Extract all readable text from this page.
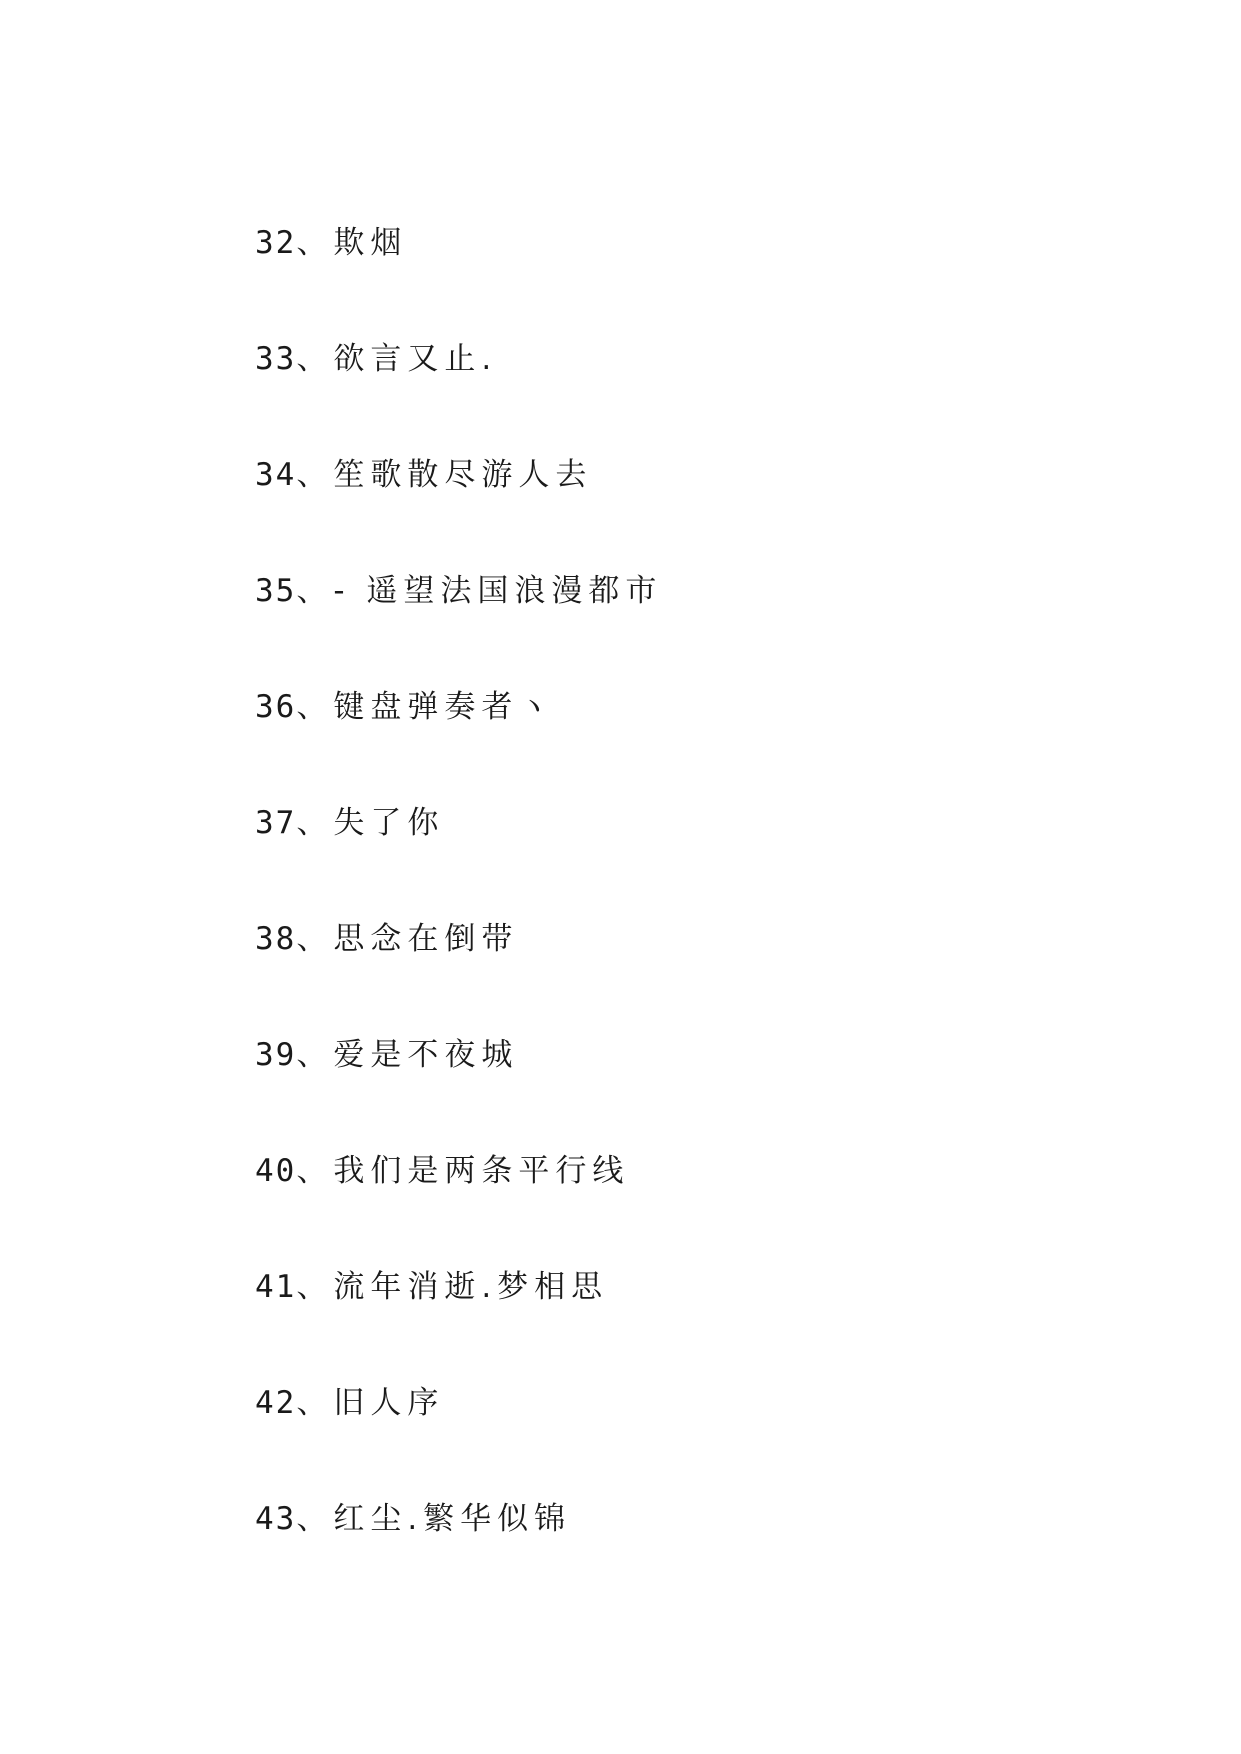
32、 欺烟
33、 欲言又止.
34、 笙歌散尽游人去
35、 - 遥望法国浪漫都市
36、 键盘弹奏者ヽ
37、 失了你
38、 思念在倒带
39、 爱是不夜城
40、 我们是两条平行线
41、 流年消逝.梦相思
42、 旧人序
43、 红尘.繁华似锦
